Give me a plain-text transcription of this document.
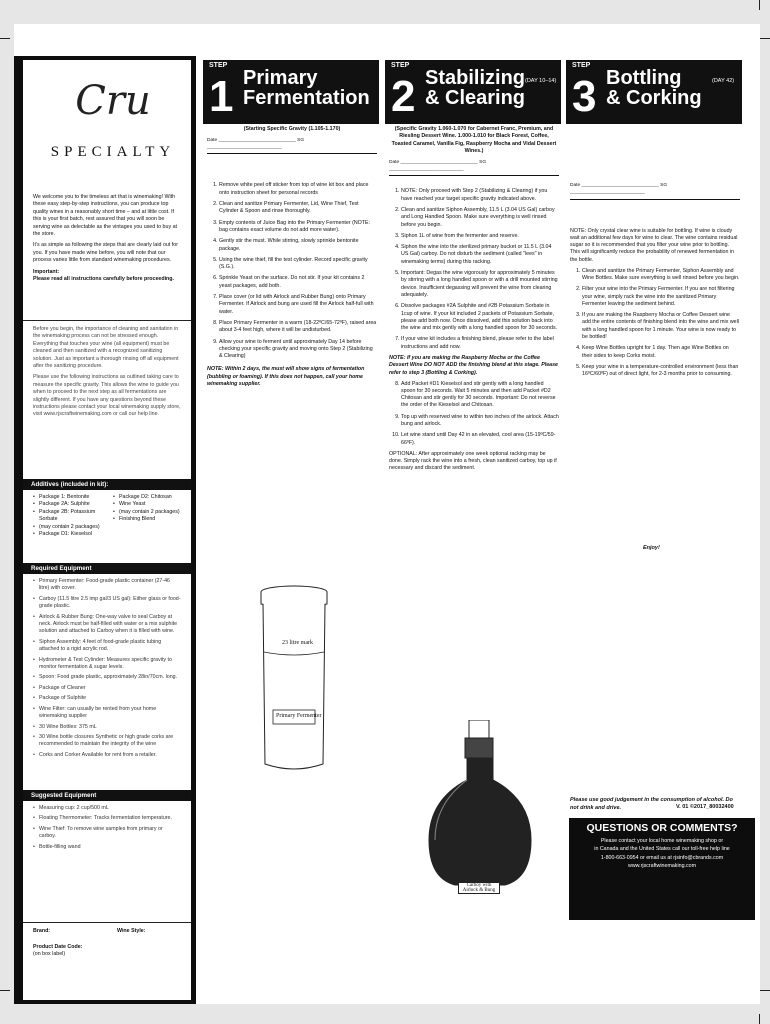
Cru
SPECIALTY

We welcome you to the timeless art that is winemaking! With these easy step-by-step instructions, you can produce top quality wines in a reasonably short time – and at little cost. If this is your first batch, rest assured that you will soon be serving wine as delectable as the vintages you used to buy at the store.

It's as simple as following the steps that are clearly laid out for you. If you have made wine before, you will note that our process varies little from standard winemaking procedures.

Important:
Please read all instructions carefully before proceeding.

Before you begin, the importance of cleaning and sanitation in the winemaking process can not be stressed enough. Everything that touches your wine (all equipment) must be cleaned and then sanitized with a recognized sanitizing solution. Just as important a thorough rinsing off all equipment after the sanitizing procedure.

Please use the following instructions as outlined taking care to measure the specific gravity. This allows the wine to guide you when to proceed to the next step as all fermentations are slightly different. If you have any questions beyond these instructions please contact your local winemaking supply store, visit www.rjscraftwinemaking.com or call our help line.

Additives (included in kit):
• Package 1: Bentonite
• Package 2A: Sulphite
• Package 2B: Potassium Sorbate
• (may contain 2 packages)
• Package D1: Kieselsol
• Package D2: Chitosan
• Wine Yeast
• (may contain 2 packages)
• Finishing Blend
Required Equipment
• Primary Fermenter: Food-grade plastic container (27-46 litre) with cover.
• Carboy (11.5 litre 2.5 imp gal/3 US gal): Either glass or food-grade plastic.
• Airlock & Rubber Bung: One-way valve to seal Carboy at neck. Airlock must be half-filled with water or a mix sulphite solution and attached to Carboy when it is filled with wine.
• Siphon Assembly: 4 feet of food-grade plastic tubing attached to a rigid acrylic rod.
• Hydrometer & Test Cylinder: Measures specific gravity to monitor fermentation & sugar levels.
• Spoon: Food grade plastic, approximately 28in/70cm. long.
• Package of Cleaner
• Package of Sulphite
• Wine Filter: can usually be rented from your home winemaking supplier
• 30 Wine Bottles: 375 mL
• 30 Wine bottle closures Synthetic or high grade corks are recommended to maintain the integrity of the wine
• Corks and Corker Available for rent from a retailer.
Suggested Equipment
• Measuring cup: 2 cup/500 mL
• Floating Thermometer: Tracks fermentation temperature.
• Wine Thief: To remove wine samples from primary or carboy.
• Bottle-filling wand
Brand:	Wine Style:
Product Date Code:
(on box label)
STEP
1 Primary
Fermentation
STEP
2 Stabilizing
& Clearing
(DAY 10–14)
STEP
3 Bottling
& Corking
(DAY 42)

(Starting Specific Gravity (1.105-1.170)

Date _____________________________ SG ____________________________
1. Remove white peel off sticker from top of wine kit box and place onto instruction sheet for personal records
2. Clean and sanitize Primary Fermenter, Lid, Wine Thief, Test Cylinder & Spoon and rinse thoroughly.
3. Empty contents of Juice Bag into the Primary Fermenter (NOTE: bag contains exact volume do not add more water).
4. Gently stir the must. While stirring, slowly sprinkle bentonite package.
5. Using the wine thief, fill the test cylinder. Record specific gravity (S.G.).
6. Sprinkle Yeast on the surface. Do not stir. If your kit contains 2 yeast packages, add both.
7. Place cover (or lid with Airlock and Rubber Bung) onto Primary Fermenter. If Airlock and bung are used fill the Airlock half-full with water.
8. Place Primary Fermenter in a warm (18-22ºC/65-72ºF), raised area about 3-4 feet high, where it will be undisturbed.
9. Allow your wine to ferment until approximately Day 14 before checking your specific gravity and moving onto Step 2 (Stabilizing & Clearing)

NOTE: Within 2 days, the must will show signs of fermentation (bubbling or foaming). If this does not happen, call your home winemaking supplier.

23 litre mark
Primary Fermenter

(Specific Gravity 1.060-1.070 for Cabernet Franc, Premium, and Riesling Dessert Wine. 1.000-1.010 for Black Forest, Coffee, Toasted Caramel, Vanilla Fig, Raspberry Mocha and Vidal Dessert Wines.)

Date _____________________________ SG ____________________________
1. NOTE: Only proceed with Step 2 (Stabilizing & Clearing) if you have reached your target specific gravity indicated above.
2. Clean and sanitize Siphon Assembly, 11.5 L (3.04 US Gal) carboy and Long Handled Spoon. Make sure everything is well rinsed before you begin.
3. Siphon 1L of wine from the fermenter and reserve.
4. Siphon the wine into the sterilized primary bucket or 11.5 L (3.04 US Gal) carboy. Do not disturb the sediment (called "lees" in winemaking terms) during this racking.
5. Important: Degas the wine vigorously for approximately 5 minutes by stirring with a long handled spoon or with a drill mounted stirring device. Insufficient degassing will prevent the wine from clearing adequately.
6. Dissolve packages #2A Sulphite and #2B Potassium Sorbate in 1cup of wine. If your kit included 2 packets of Potassium Sorbate, please add both now. Once dissolved, add this solution back into the wine and mix gently with a long handled spoon for 30 seconds.
7. If your wine kit includes a finishing blend, please refer to the label instructions and add now.

NOTE: If you are making the Raspberry Mocha or the Coffee Dessert Wine DO NOT ADD the finishing blend at this stage. Please refer to step 3 (Bottling & Corking).

8. Add Packet #D1 Kieselsol and stir gently with a long handled spoon for 30 seconds. Wait 5 minutes and then add Packet #D2 Chitosan and stir gently for 30 seconds. Important: Do not reverse the order of the Kieselsol and Chitosan.
9. Top up with reserved wine to within two inches of the airlock. Attach bung and airlock.
10. Let wine stand until Day 42 in an elevated, cool area (15-19ºC/59-66ºF).

OPTIONAL: After approximately one week optional racking may be done. Simply rack the wine into a fresh, clean sanitized carboy, top up if necessary and discard the sediment.

Carboy with Airlock & Bung
Date _____________________________ SG ____________________________

NOTE: Only crystal clear wine is suitable for bottling. If wine is cloudy wait an additional few days for wine to clear. The wine contains residual sugar so it is recommended that you filter your wine prior to bottling. This will significantly reduce the probability of renewed fermentation in the bottle.

1. Clean and sanitize the Primary Fermenter, Siphon Assembly and Wine Bottles. Make sure everything is well rinsed before you begin.
2. Filter your wine into the Primary Fermenter. If you are not filtering your wine, simply rack the wine into the sanitized Primary Fermenter leaving the sediment behind.
3. If you are making the Raspberry Mocha or Coffee Dessert wine add the entire contents of finishing blend into the wine and mix well with a long handled spoon for 1 minute. Your wine is now ready to be bottled!
4. Keep Wine Bottles upright for 1 day. Then age Wine Bottles on their sides to keep Corks moist.
5. Keep your wine in a temperature-controlled environment (less than 16ºC/60ºF) out of direct light, for 2-3 months prior to consuming.
Enjoy!
Please use good judgement in the consumption of alcohol. Do not drink and drive.	V. 01 ©2017_80032400
QUESTIONS OR COMMENTS?
Please contact your local home winemaking shop or
in Canada and the United States call our toll-free help line
1-800-663-0954 or email us at rjsinfo@cbrands.com
www.rjscraftwinemaking.com
RJS
craft
winemaking
